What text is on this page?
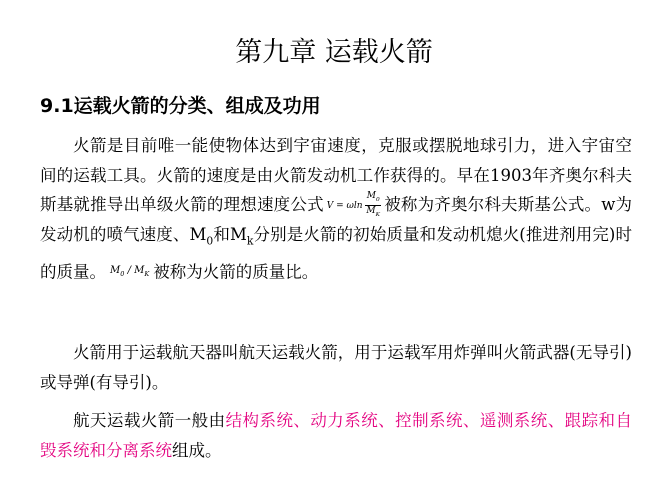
第九章 运载火箭
9.1运载火箭的分类、组成及功用
火箭是目前唯一能使物体达到宇宙速度，克服或摆脱地球引力，进入宇宙空间的运载工具。火箭的速度是由火箭发动机工作获得的。早在1903年齐奥尔科夫斯基就推导出单级火箭的理想速度公式 V = ωln $\frac{M_0}{M_K}$ 被称为齐奥尔科夫斯基公式。w为发动机的喷气速度、$M_0$和$M_k$分别是火箭的初始质量和发动机熄火(推进剂用完)时的质量。 $M_0 / M_K$ 被称为火箭的质量比。
火箭用于运载航天器叫航天运载火箭，用于运载军用炸弹叫火箭武器(无导引)或导弹(有导引)。
航天运载火箭一般由结构系统、动力系统、控制系统、遥测系统、跟踪和自毁系统和分离系统组成。
